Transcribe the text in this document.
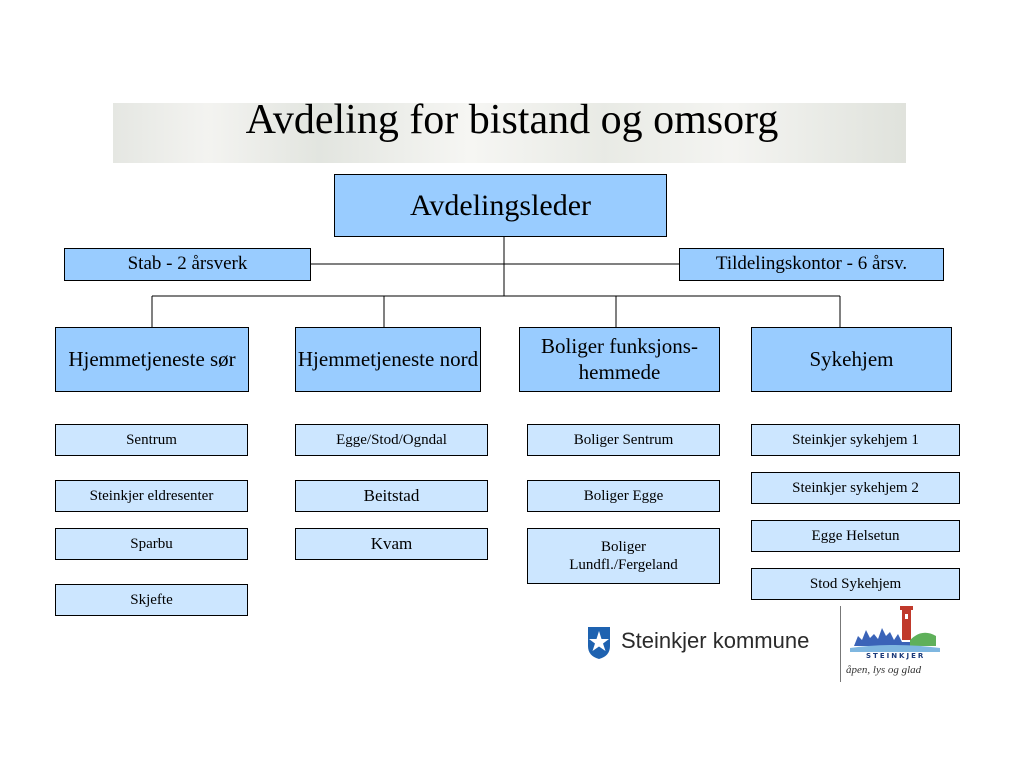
Avdeling for bistand og omsorg
Avdelingsleder
Stab - 2 årsverk	Tildelingskontor - 6 årsv.
Hjemmetjeneste sør	Hjemmetjeneste nord
Boliger funksjons-hemmede
Sykehjem
Sentrum
Steinkjer eldresenter
Sparbu
Skjefte
Egge/Stod/Ogndal
Beitstad
Kvam
Boliger Sentrum
Boliger Egge
Boliger Lundfl./Fergeland
Steinkjer sykehjem 1
Steinkjer sykehjem 2
Egge Helsetun
Stod Sykehjem
Steinkjer kommune
STEINKJER
åpen, lys og glad
